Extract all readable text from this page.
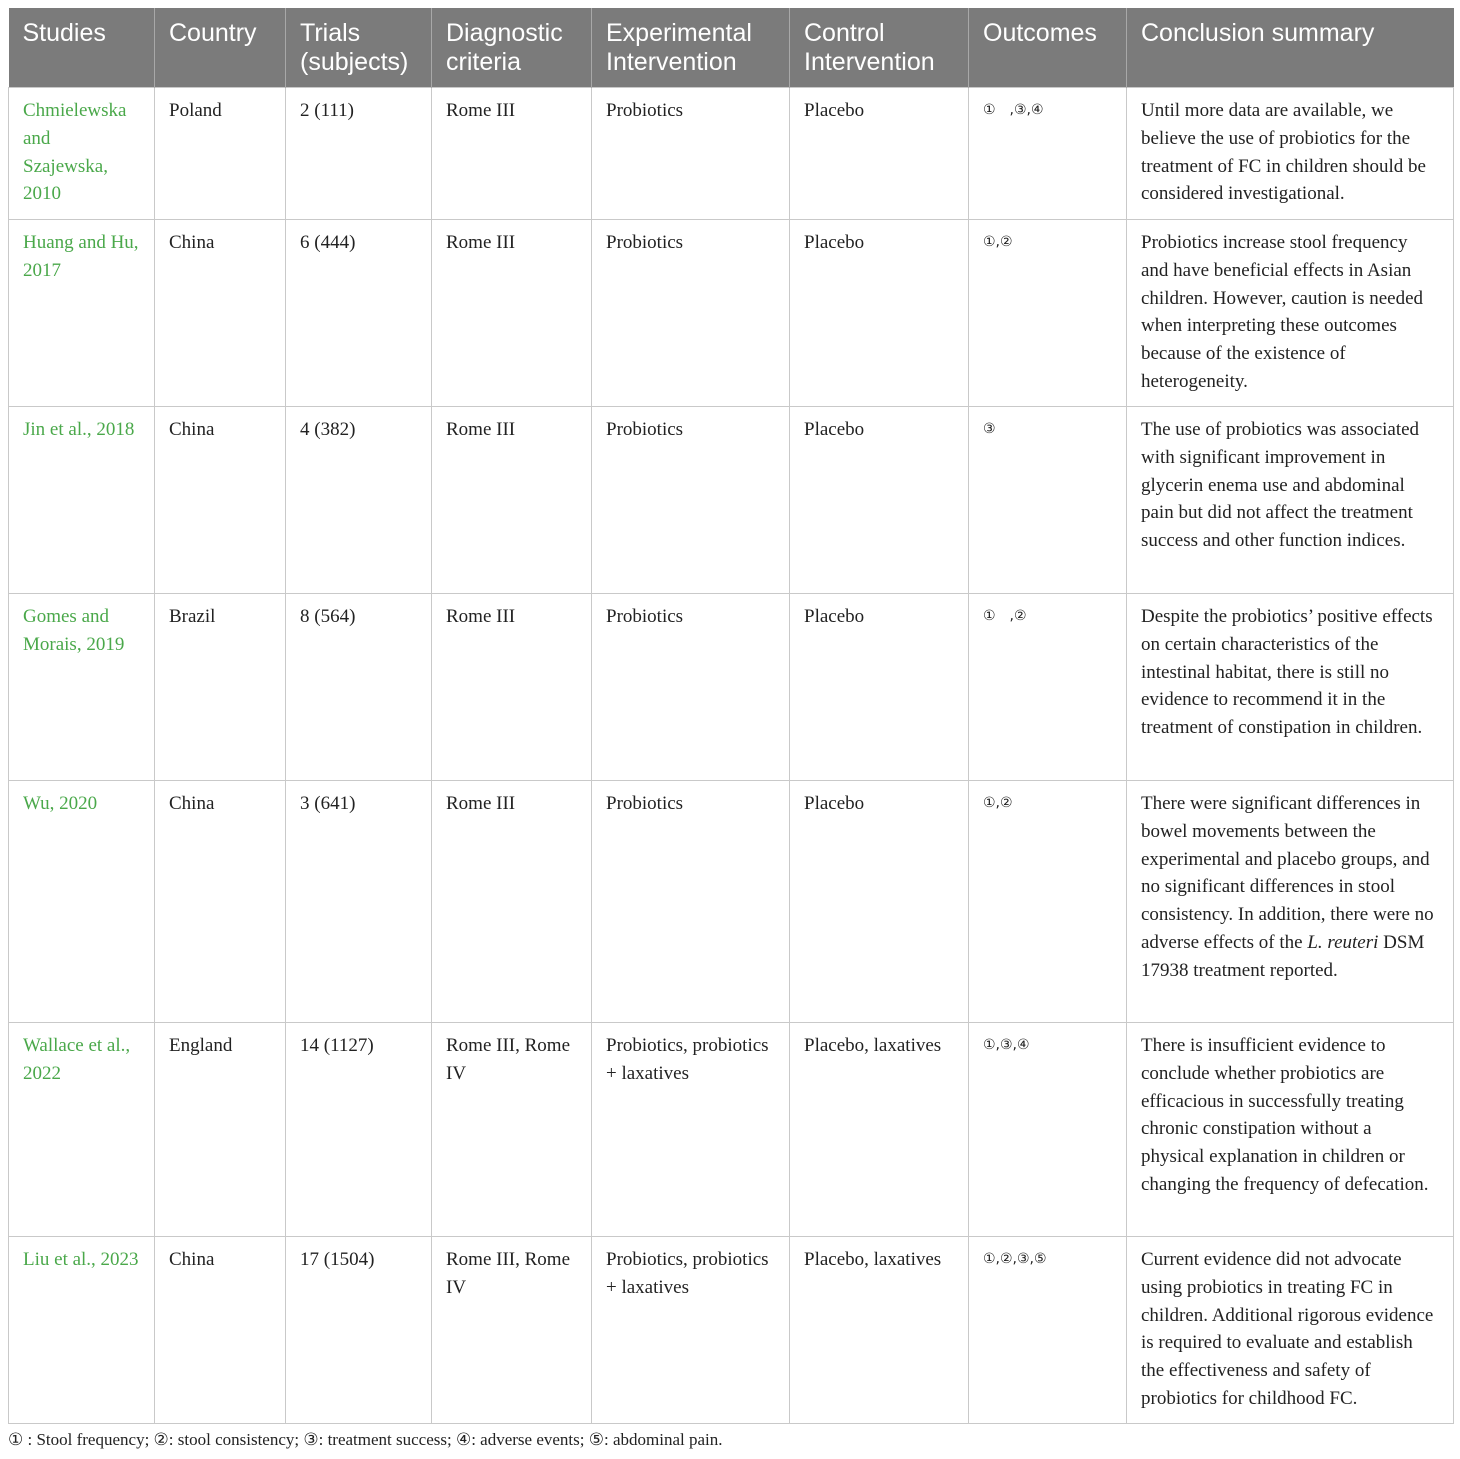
Studies	Country	Trials (subjects)	Diagnostic criteria	Experimental Intervention	Control Intervention	Outcomes	Conclusion summary
Chmielewska and Szajewska, 2010	Poland	2 (111)	Rome III	Probiotics	Placebo	① ,③,④	Until more data are available, we believe the use of probiotics for the treatment of FC in children should be considered investigational.
Huang and Hu, 2017	China	6 (444)	Rome III	Probiotics	Placebo	①,②	Probiotics increase stool frequency and have beneficial effects in Asian children. However, caution is needed when interpreting these outcomes because of the existence of heterogeneity.
Jin et al., 2018	China	4 (382)	Rome III	Probiotics	Placebo	③	The use of probiotics was associated with significant improvement in glycerin enema use and abdominal pain but did not affect the treatment success and other function indices.
Gomes and Morais, 2019	Brazil	8 (564)	Rome III	Probiotics	Placebo	① ,②	Despite the probiotics’ positive effects on certain characteristics of the intestinal habitat, there is still no evidence to recommend it in the treatment of constipation in children.
Wu, 2020	China	3 (641)	Rome III	Probiotics	Placebo	①,②	There were significant differences in bowel movements between the experimental and placebo groups, and no significant differences in stool consistency. In addition, there were no adverse effects of the L. reuteri DSM 17938 treatment reported.
Wallace et al., 2022	England	14 (1127)	Rome III, Rome IV	Probiotics, probiotics + laxatives	Placebo, laxatives	①,③,④	There is insufficient evidence to conclude whether probiotics are efficacious in successfully treating chronic constipation without a physical explanation in children or changing the frequency of defecation.
Liu et al., 2023	China	17 (1504)	Rome III, Rome IV	Probiotics, probiotics + laxatives	Placebo, laxatives	①,②,③,⑤	Current evidence did not advocate using probiotics in treating FC in children. Additional rigorous evidence is required to evaluate and establish the effectiveness and safety of probiotics for childhood FC.
① : Stool frequency; ②: stool consistency; ③: treatment success; ④: adverse events; ⑤: abdominal pain.
